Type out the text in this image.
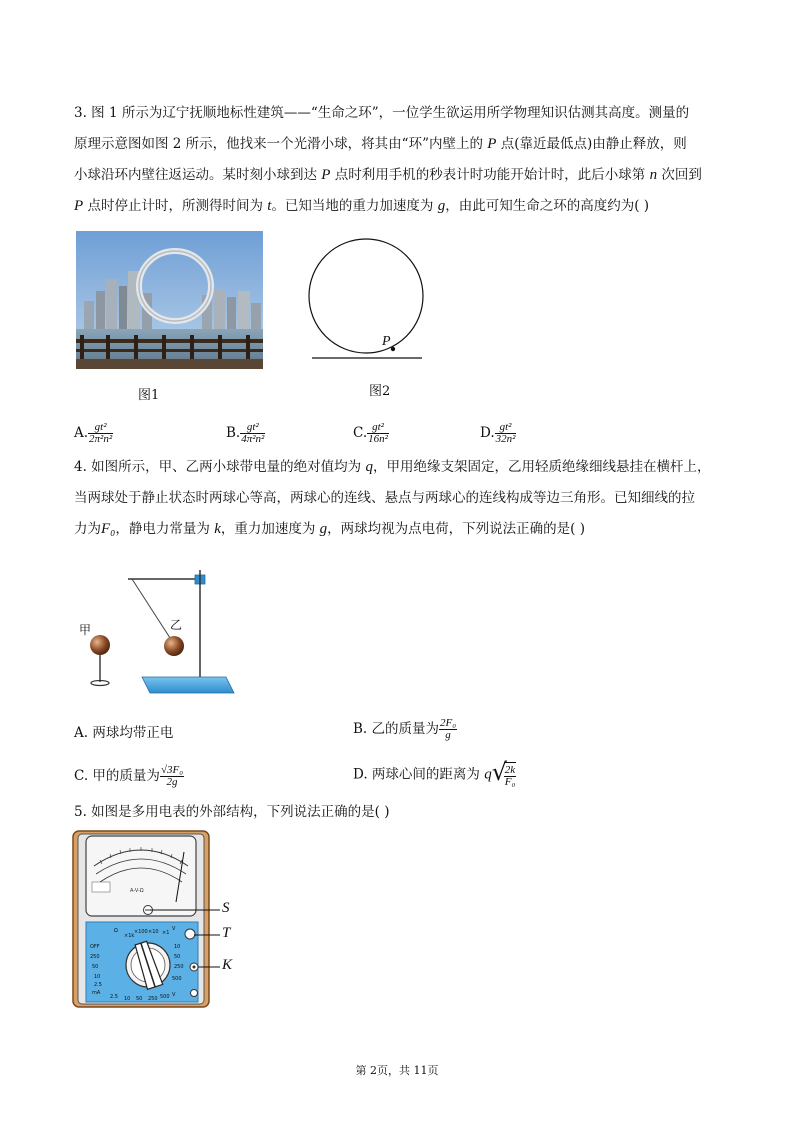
3. 图 1 所示为辽宁抚顺地标性建筑——“生命之环”，一位学生欲运用所学物理知识估测其高度。测量的
原理示意图如图 2 所示，他找来一个光滑小球，将其由“环”内壁上的 P 点(靠近最低点)由静止释放，则
小球沿环内壁往返运动。某时刻小球到达 P 点时利用手机的秒表计时功能开始计时，此后小球第 n 次回到
P 点时停止计时，所测得时间为 t。已知当地的重力加速度为 g，由此可知生命之环的高度约为( )
图1
P
图2
A. $\frac{\text{gt²}}{\text{2π²n²}}$	B. $\frac{\text{gt²}}{\text{4π²n²}}$	C. $\frac{\text{gt²}}{\text{16n²}}$	D. $\frac{\text{gt²}}{\text{32n²}}$
4. 如图所示，甲、乙两小球带电量的绝对值均为 q，甲用绝缘支架固定，乙用轻质绝缘细线悬挂在横杆上，
当两球处于静止状态时两球心等高，两球心的连线、悬点与两球心的连线构成等边三角形。已知细线的拉
力为F₀，静电力常量为 k，重力加速度为 g，两球均视为点电荷，下列说法正确的是( )
甲	乙
A. 两球均带正电	B. 乙的质量为 $\frac{\text{2F₀}}{g}$
C. 甲的质量为 $\frac{\text{√3F₀}}{2g}$	D. 两球心间的距离为 q √
$\frac{2k}{\text{F₀}}$
5. 如图是多用电表的外部结构，下列说法正确的是( )
A-V-Ω
Ω
×1k
×100 ×10 ×1
V
OFF
250
50
10
2.5
mA
10
50
250
500
2.5 10 50 250 500 V
S
T
K
第 2页，共 11页
